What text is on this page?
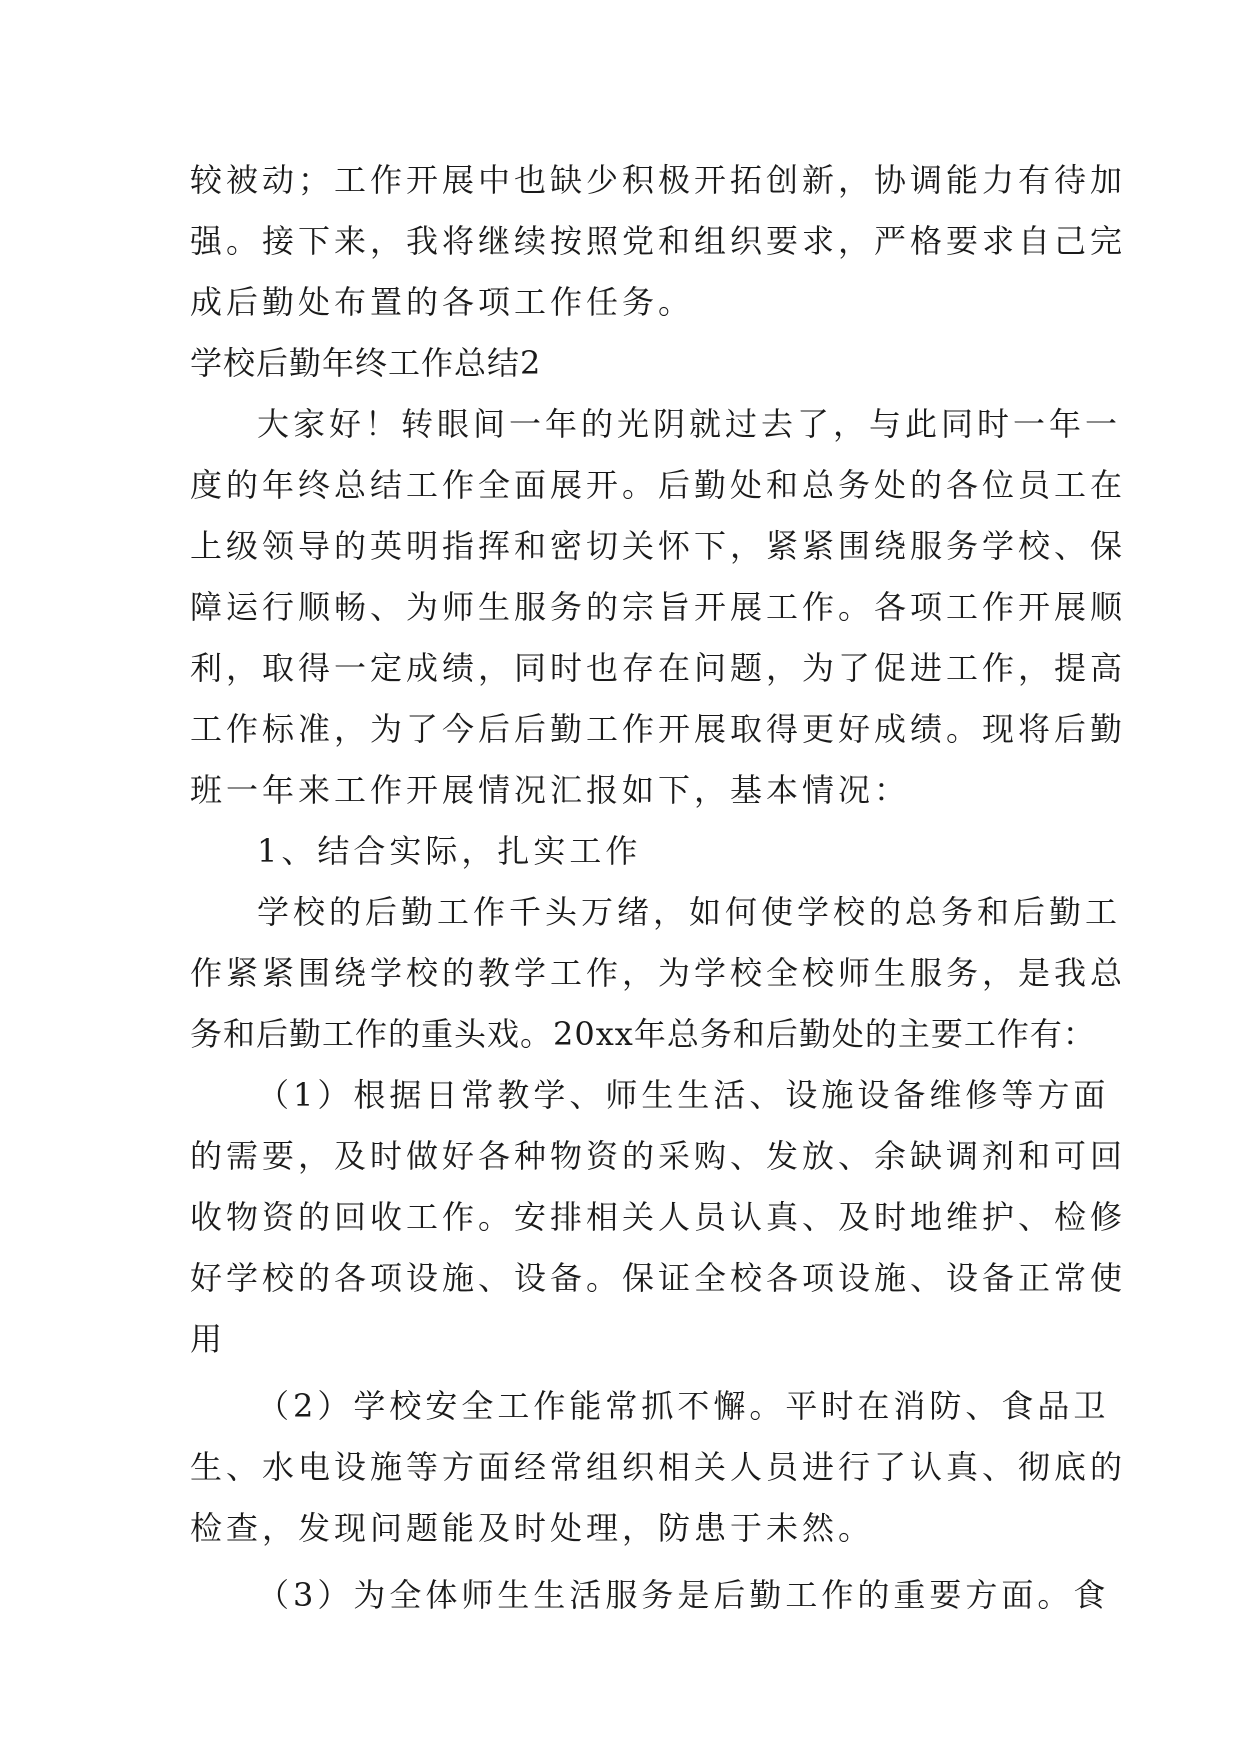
较被动；工作开展中也缺少积极开拓创新，协调能力有待加
强。接下来，我将继续按照党和组织要求，严格要求自己完
成后勤处布置的各项工作任务。
学校后勤年终工作总结2
大家好！转眼间一年的光阴就过去了，与此同时一年一
度的年终总结工作全面展开。后勤处和总务处的各位员工在
上级领导的英明指挥和密切关怀下，紧紧围绕服务学校、保
障运行顺畅、为师生服务的宗旨开展工作。各项工作开展顺
利，取得一定成绩，同时也存在问题，为了促进工作，提高
工作标准，为了今后后勤工作开展取得更好成绩。现将后勤
班一年来工作开展情况汇报如下，基本情况：
1、结合实际，扎实工作
学校的后勤工作千头万绪，如何使学校的总务和后勤工
作紧紧围绕学校的教学工作，为学校全校师生服务，是我总
务和后勤工作的重头戏。20xx年总务和后勤处的主要工作有：
（1）根据日常教学、师生生活、设施设备维修等方面
的需要，及时做好各种物资的采购、发放、余缺调剂和可回
收物资的回收工作。安排相关人员认真、及时地维护、检修
好学校的各项设施、设备。保证全校各项设施、设备正常使
用
（2）学校安全工作能常抓不懈。平时在消防、食品卫
生、水电设施等方面经常组织相关人员进行了认真、彻底的
检查，发现问题能及时处理，防患于未然。
（3）为全体师生生活服务是后勤工作的重要方面。食
